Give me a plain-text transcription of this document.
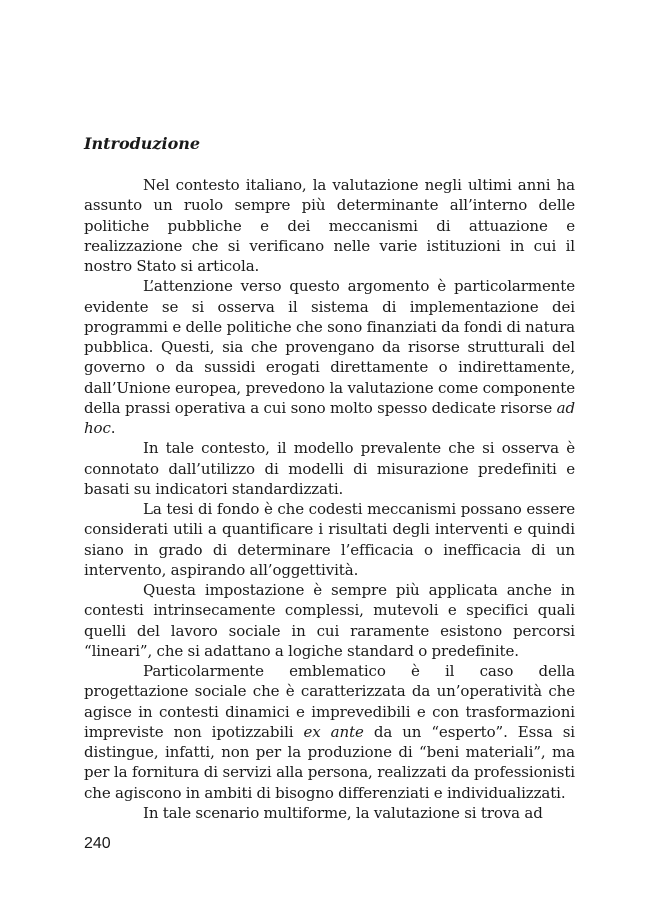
Introduzione

Nel contesto italiano, la valutazione negli ultimi anni ha assunto un ruolo sempre più determinante all’interno delle politiche pubbliche e dei meccanismi di attuazione e realizzazione che si verificano nelle varie istituzioni in cui il nostro Stato si articola.

L’attenzione verso questo argomento è particolarmente evidente se si osserva il sistema di implementazione dei programmi e delle politiche che sono finanziati da fondi di natura pubblica. Questi, sia che provengano da risorse strutturali del governo o da sussidi erogati direttamente o indirettamente, dall’Unione europea, prevedono la valutazione come componente della prassi operativa a cui sono molto spesso dedicate risorse ad hoc.

In tale contesto, il modello prevalente che si osserva è connotato dall’utilizzo di modelli di misurazione predefiniti e basati su indicatori standardizzati.

La tesi di fondo è che codesti meccanismi possano essere considerati utili a quantificare i risultati degli interventi e quindi siano in grado di determinare l’efficacia o inefficacia di un intervento, aspirando all’oggettività.

Questa impostazione è sempre più applicata anche in contesti intrinsecamente complessi, mutevoli e specifici quali quelli del lavoro sociale in cui raramente esistono percorsi “lineari”, che si adattano a logiche standard o predefinite.

Particolarmente emblematico è il caso della progettazione sociale che è caratterizzata da un’operatività che agisce in contesti dinamici e imprevedibili e con trasformazioni impreviste non ipotizzabili ex ante da un “esperto”. Essa si distingue, infatti, non per la produzione di “beni materiali”, ma per la fornitura di servizi alla persona, realizzati da professionisti che agiscono in ambiti di bisogno differenziati e individualizzati.

In tale scenario multiforme, la valutazione si trova ad

240
